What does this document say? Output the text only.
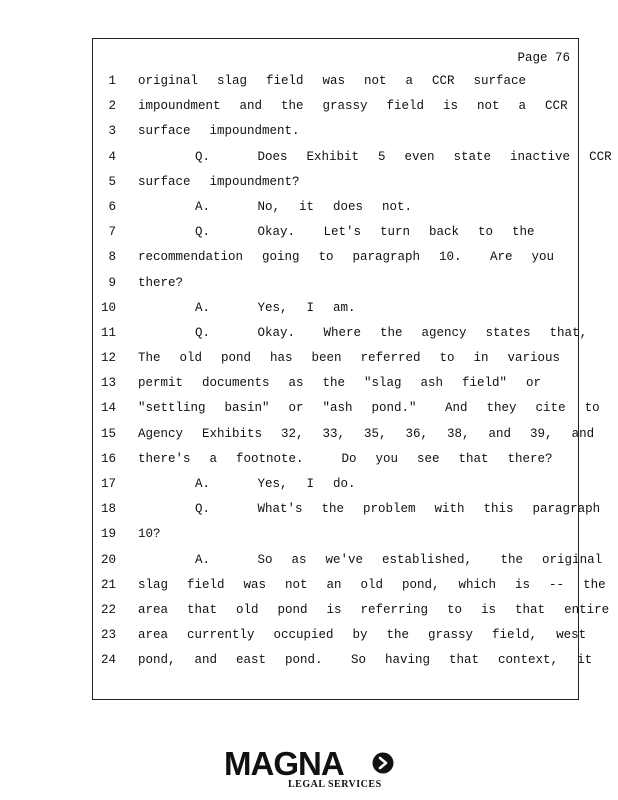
Page 76
1 original  slag  field  was  not  a  CCR  surface
2 impoundment  and  the  grassy  field  is  not  a  CCR
3 surface  impoundment.
4 Q.     Does  Exhibit  5  even  state  inactive  CCR
5 surface  impoundment?
6 A.     No,  it  does  not.
7 Q.     Okay.   Let's  turn  back  to  the
8 recommendation  going  to  paragraph  10.   Are  you
9 there?
10 A.     Yes,  I  am.
11 Q.     Okay.   Where  the  agency  states  that,
12 The  old  pond  has  been  referred  to  in  various
13 permit  documents  as  the  "slag  ash  field"  or
14 "settling  basin"  or  "ash  pond."   And  they  cite  to
15 Agency  Exhibits  32,  33,  35,  36,  38,  and  39,  and
16 there's  a  footnote.    Do  you  see  that  there?
17 A.     Yes,  I  do.
18 Q.     What's  the  problem  with  this  paragraph
19 10?
20 A.     So  as  we've  established,   the  original
21 slag  field  was  not  an  old  pond,  which  is  --  the
22 area  that  old  pond  is  referring  to  is  that  entire
23 area  currently  occupied  by  the  grassy  field,  west
24 pond,  and  east  pond.   So  having  that  context,  it
MAGNA
LEGAL SERVICES
